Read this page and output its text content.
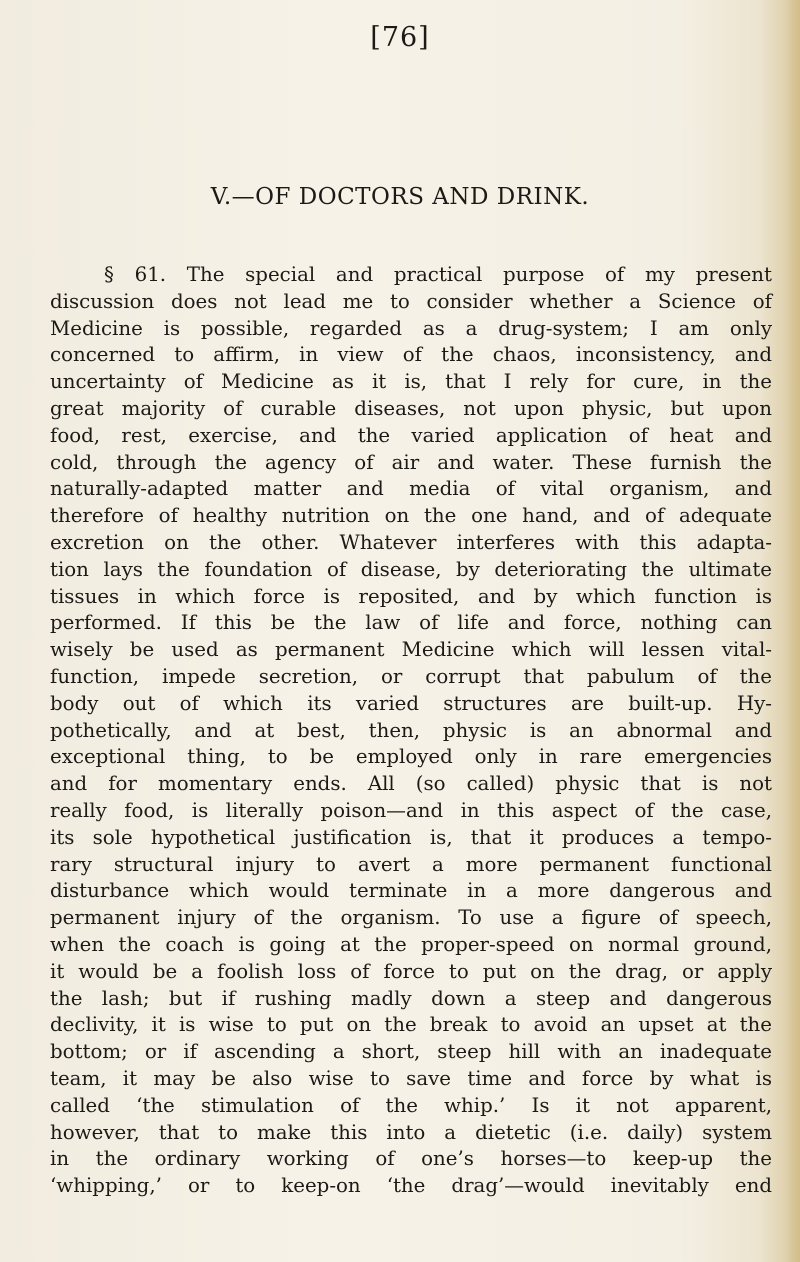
[76]
V.—OF DOCTORS AND DRINK.
§ 61. The special and practical purpose of my present
discussion does not lead me to consider whether a Science of
Medicine is possible, regarded as a drug-system; I am only
concerned to affirm, in view of the chaos, inconsistency, and
uncertainty of Medicine as it is, that I rely for cure, in the
great majority of curable diseases, not upon physic, but upon
food, rest, exercise, and the varied application of heat and
cold, through the agency of air and water. These furnish the
naturally-adapted matter and media of vital organism, and
therefore of healthy nutrition on the one hand, and of adequate
excretion on the other. Whatever interferes with this adapta-
tion lays the foundation of disease, by deteriorating the ultimate
tissues in which force is reposited, and by which function is
performed. If this be the law of life and force, nothing can
wisely be used as permanent Medicine which will lessen vital-
function, impede secretion, or corrupt that pabulum of the
body out of which its varied structures are built-up. Hy-
pothetically, and at best, then, physic is an abnormal and
exceptional thing, to be employed only in rare emergencies
and for momentary ends. All (so called) physic that is not
really food, is literally poison—and in this aspect of the case,
its sole hypothetical justification is, that it produces a tempo-
rary structural injury to avert a more permanent functional
disturbance which would terminate in a more dangerous and
permanent injury of the organism. To use a figure of speech,
when the coach is going at the proper-speed on normal ground,
it would be a foolish loss of force to put on the drag, or apply
the lash; but if rushing madly down a steep and dangerous
declivity, it is wise to put on the break to avoid an upset at the
bottom; or if ascending a short, steep hill with an inadequate
team, it may be also wise to save time and force by what is
called ‘the stimulation of the whip.’ Is it not apparent,
however, that to make this into a dietetic (i.e. daily) system
in the ordinary working of one’s horses—to keep-up the
‘whipping,’ or to keep-on ‘the drag’—would inevitably end
